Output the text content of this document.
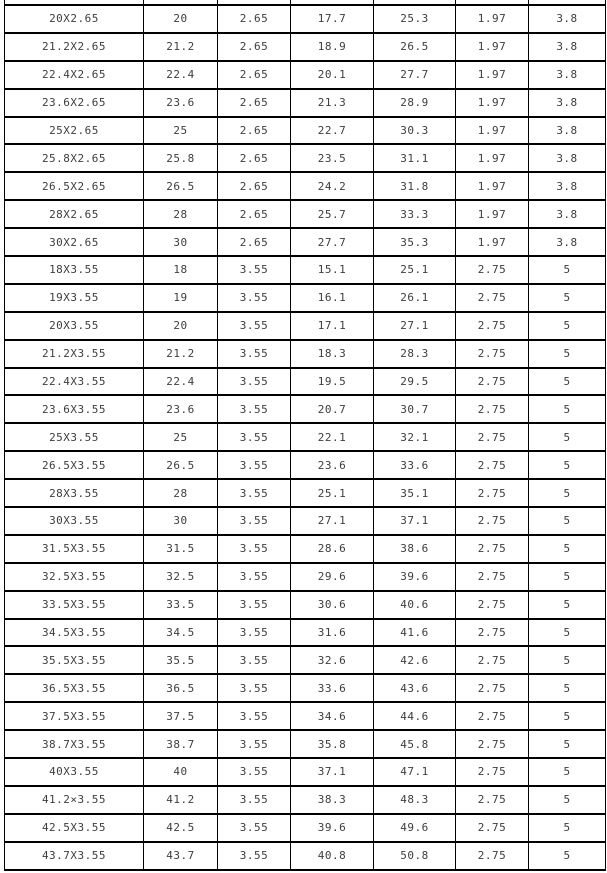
20X2.65	20	2.65	17.7	25.3	1.97	3.8
21.2X2.65	21.2	2.65	18.9	26.5	1.97	3.8
22.4X2.65	22.4	2.65	20.1	27.7	1.97	3.8
23.6X2.65	23.6	2.65	21.3	28.9	1.97	3.8
25X2.65	25	2.65	22.7	30.3	1.97	3.8
25.8X2.65	25.8	2.65	23.5	31.1	1.97	3.8
26.5X2.65	26.5	2.65	24.2	31.8	1.97	3.8
28X2.65	28	2.65	25.7	33.3	1.97	3.8
30X2.65	30	2.65	27.7	35.3	1.97	3.8
18X3.55	18	3.55	15.1	25.1	2.75	5
19X3.55	19	3.55	16.1	26.1	2.75	5
20X3.55	20	3.55	17.1	27.1	2.75	5
21.2X3.55	21.2	3.55	18.3	28.3	2.75	5
22.4X3.55	22.4	3.55	19.5	29.5	2.75	5
23.6X3.55	23.6	3.55	20.7	30.7	2.75	5
25X3.55	25	3.55	22.1	32.1	2.75	5
26.5X3.55	26.5	3.55	23.6	33.6	2.75	5
28X3.55	28	3.55	25.1	35.1	2.75	5
30X3.55	30	3.55	27.1	37.1	2.75	5
31.5X3.55	31.5	3.55	28.6	38.6	2.75	5
32.5X3.55	32.5	3.55	29.6	39.6	2.75	5
33.5X3.55	33.5	3.55	30.6	40.6	2.75	5
34.5X3.55	34.5	3.55	31.6	41.6	2.75	5
35.5X3.55	35.5	3.55	32.6	42.6	2.75	5
36.5X3.55	36.5	3.55	33.6	43.6	2.75	5
37.5X3.55	37.5	3.55	34.6	44.6	2.75	5
38.7X3.55	38.7	3.55	35.8	45.8	2.75	5
40X3.55	40	3.55	37.1	47.1	2.75	5
41.2×3.55	41.2	3.55	38.3	48.3	2.75	5
42.5X3.55	42.5	3.55	39.6	49.6	2.75	5
43.7X3.55	43.7	3.55	40.8	50.8	2.75	5
